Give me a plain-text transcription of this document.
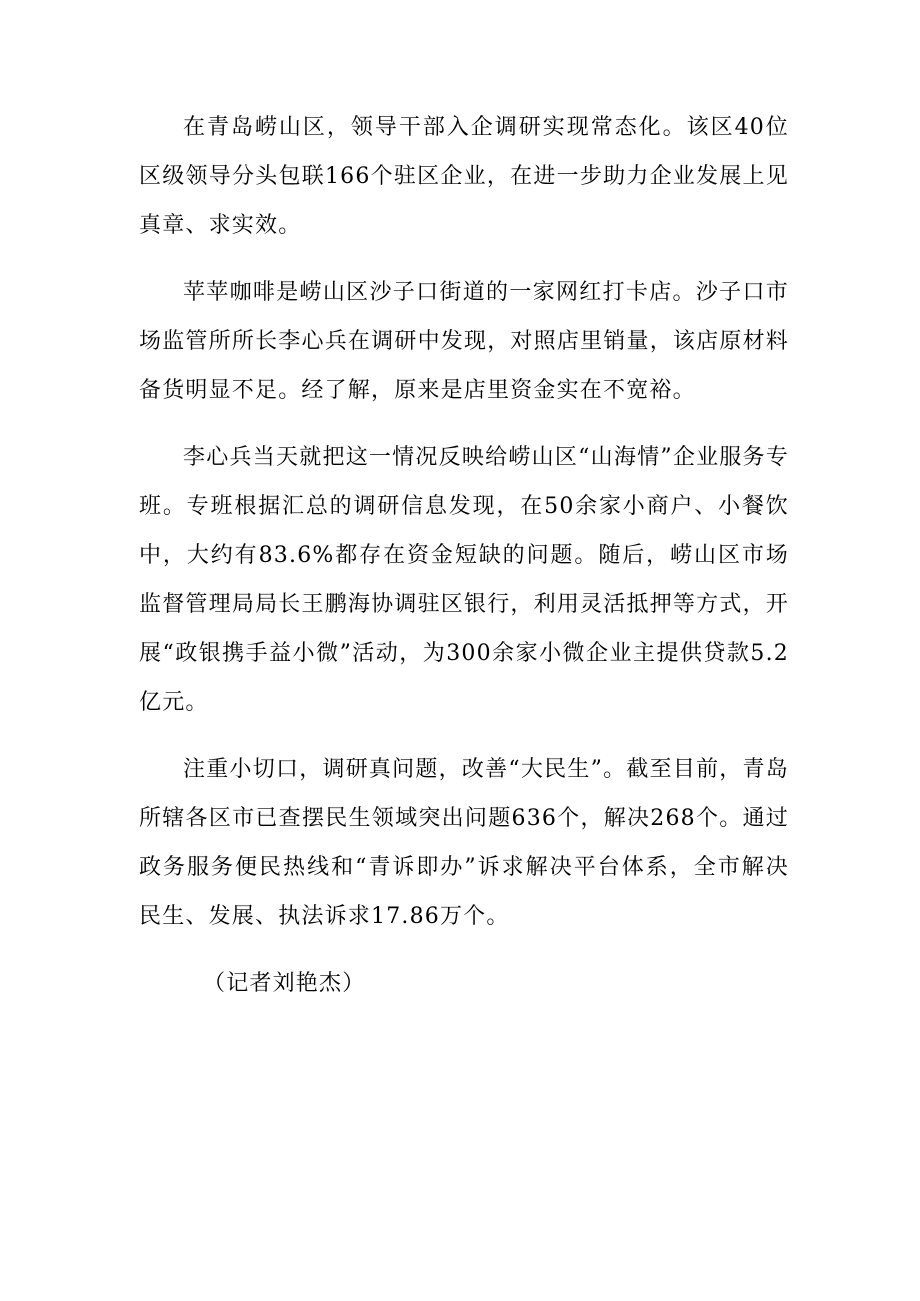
在青岛崂山区，领导干部入企调研实现常态化。该区40位区级领导分头包联166个驻区企业，在进一步助力企业发展上见真章、求实效。

苹苹咖啡是崂山区沙子口街道的一家网红打卡店。沙子口市场监管所所长李心兵在调研中发现，对照店里销量，该店原材料备货明显不足。经了解，原来是店里资金实在不宽裕。

李心兵当天就把这一情况反映给崂山区“山海情”企业服务专班。专班根据汇总的调研信息发现，在50余家小商户、小餐饮中，大约有83.6%都存在资金短缺的问题。随后，崂山区市场监督管理局局长王鹏海协调驻区银行，利用灵活抵押等方式，开展“政银携手益小微”活动，为300余家小微企业主提供贷款5.2亿元。

注重小切口，调研真问题，改善“大民生”。截至目前，青岛所辖各区市已查摆民生领域突出问题636个，解决268个。通过政务服务便民热线和“青诉即办”诉求解决平台体系，全市解决民生、发展、执法诉求17.86万个。

（记者刘艳杰）
